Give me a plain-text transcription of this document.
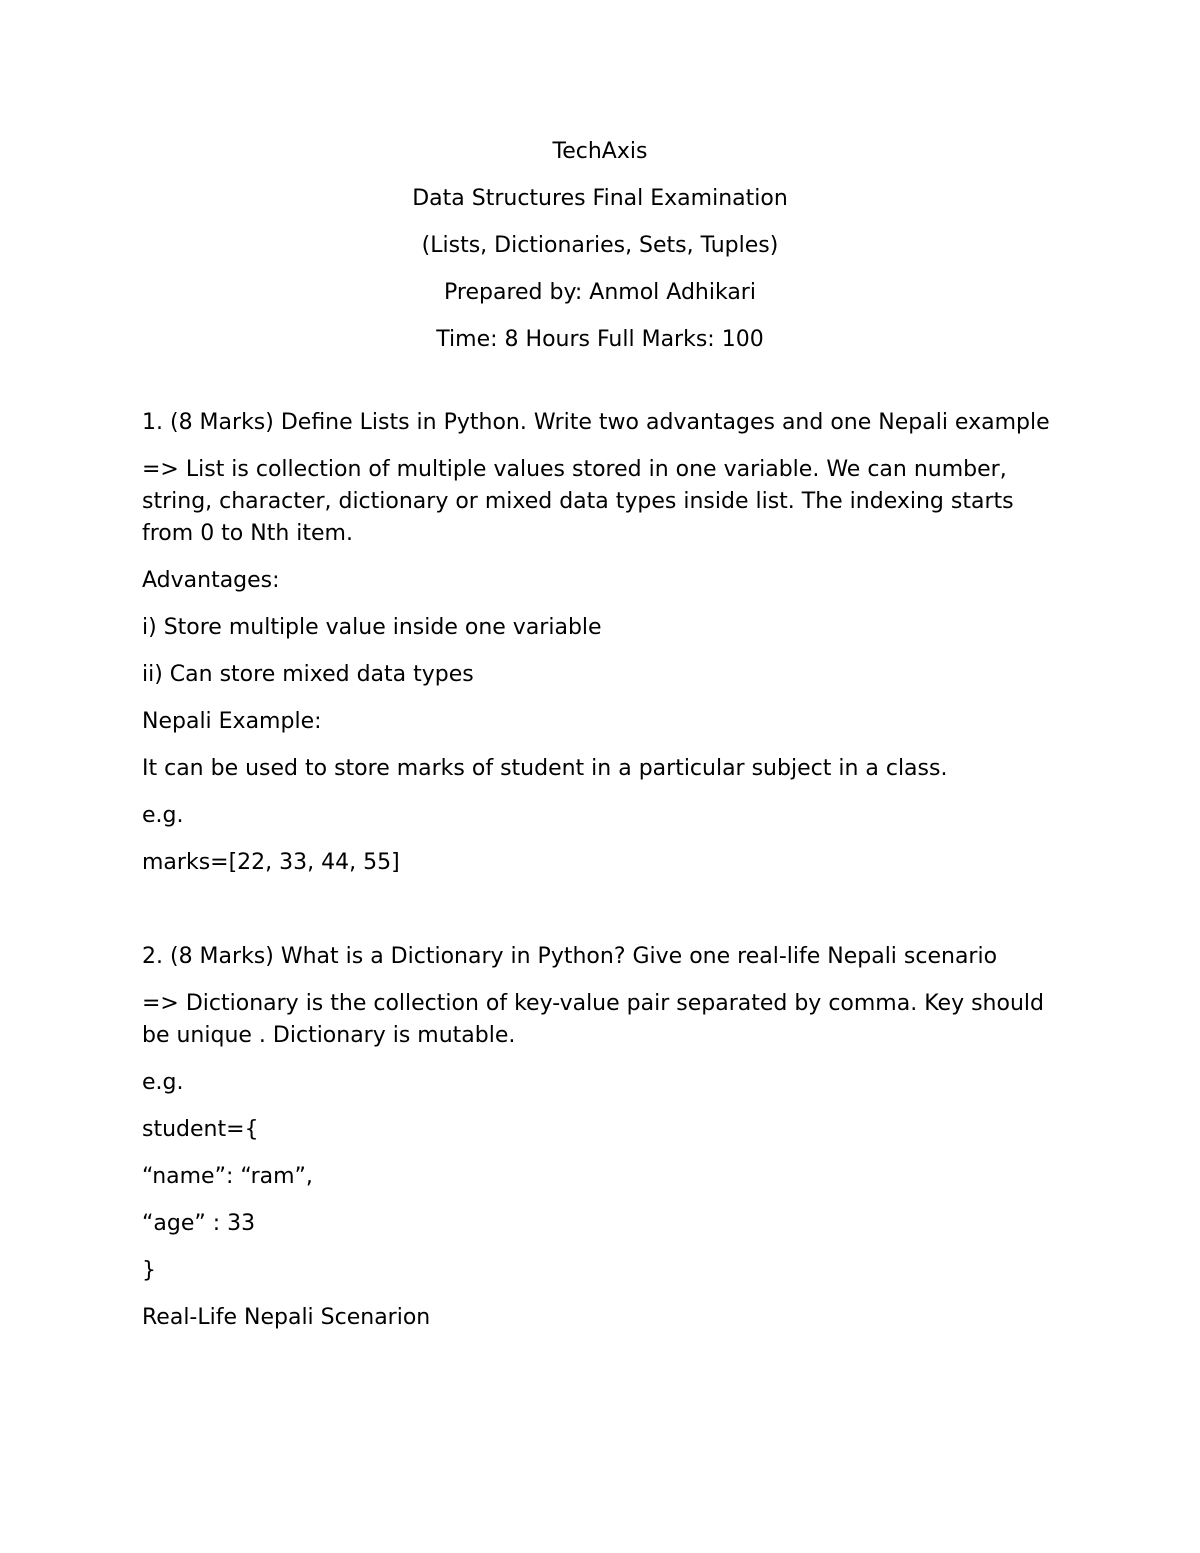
TechAxis

Data Structures Final Examination

(Lists, Dictionaries, Sets, Tuples)

Prepared by: Anmol Adhikari

Time: 8 Hours Full Marks: 100

1. (8 Marks) Define Lists in Python. Write two advantages and one Nepali example

=> List is collection of multiple values stored in one variable. We can number, string, character, dictionary or mixed data types inside list. The indexing starts from 0 to Nth item.

Advantages:

i) Store multiple value inside one variable

ii) Can store mixed data types

Nepali Example:

It can be used to store marks of student in a particular subject in a class.

e.g.

marks=[22, 33, 44, 55]

2. (8 Marks) What is a Dictionary in Python? Give one real-life Nepali scenario

=> Dictionary is the collection of key-value pair separated by comma. Key should be unique . Dictionary is mutable.

e.g.

student={

“name”: “ram”,

“age” : 33

}

Real-Life Nepali Scenarion
